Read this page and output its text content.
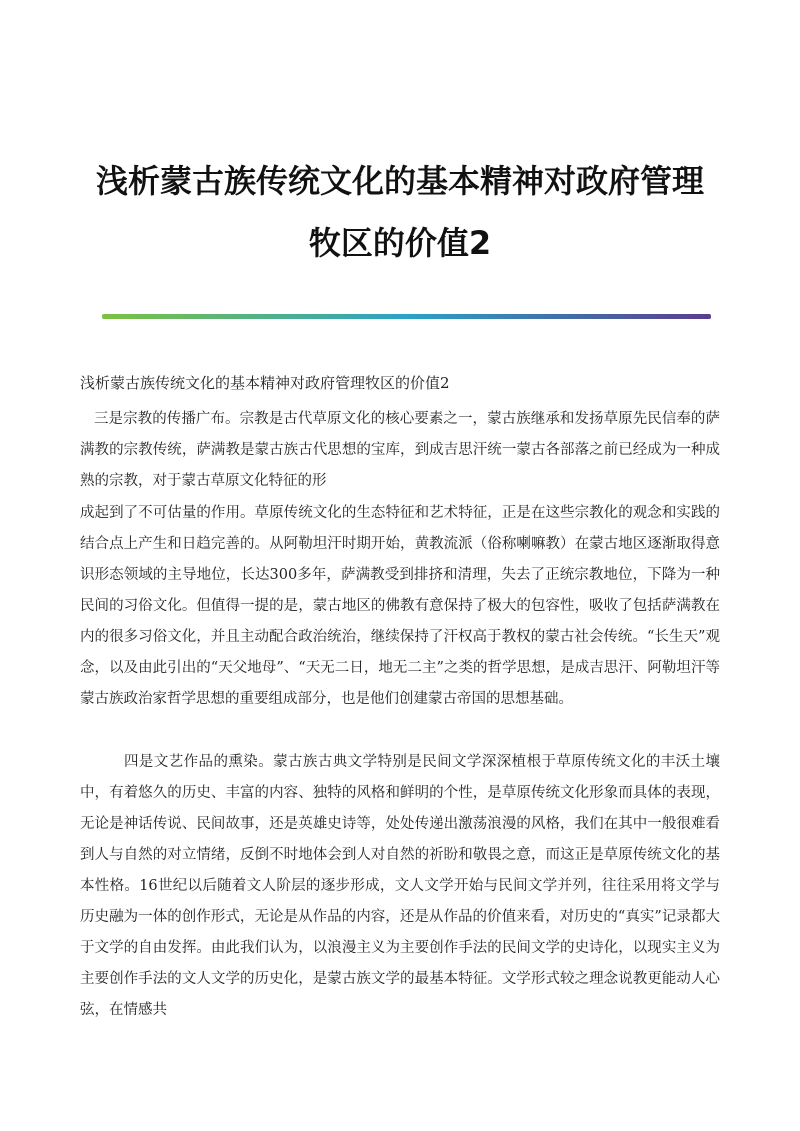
浅析蒙古族传统文化的基本精神对政府管理
牧区的价值2

浅析蒙古族传统文化的基本精神对政府管理牧区的价值2

三是宗教的传播广布。宗教是古代草原文化的核心要素之一，蒙古族继承和发扬草原先民信奉的萨满教的宗教传统，萨满教是蒙古族古代思想的宝库，到成吉思汗统一蒙古各部落之前已经成为一种成熟的宗教，对于蒙古草原文化特征的形

成起到了不可估量的作用。草原传统文化的生态特征和艺术特征，正是在这些宗教化的观念和实践的结合点上产生和日趋完善的。从阿勒坦汗时期开始，黄教流派（俗称喇嘛教）在蒙古地区逐渐取得意识形态领域的主导地位，长达300多年，萨满教受到排挤和清理，失去了正统宗教地位，下降为一种民间的习俗文化。但值得一提的是，蒙古地区的佛教有意保持了极大的包容性，吸收了包括萨满教在内的很多习俗文化，并且主动配合政治统治，继续保持了汗权高于教权的蒙古社会传统。“长生天”观念，以及由此引出的“天父地母”、“天无二日，地无二主”之类的哲学思想，是成吉思汗、阿勒坦汗等蒙古族政治家哲学思想的重要组成部分，也是他们创建蒙古帝国的思想基础。

四是文艺作品的熏染。蒙古族古典文学特别是民间文学深深植根于草原传统文化的丰沃土壤中，有着悠久的历史、丰富的内容、独特的风格和鲜明的个性，是草原传统文化形象而具体的表现，无论是神话传说、民间故事，还是英雄史诗等，处处传递出激荡浪漫的风格，我们在其中一般很难看到人与自然的对立情绪，反倒不时地体会到人对自然的祈盼和敬畏之意，而这正是草原传统文化的基本性格。16世纪以后随着文人阶层的逐步形成，文人文学开始与民间文学并列，往往采用将文学与历史融为一体的创作形式，无论是从作品的内容，还是从作品的价值来看，对历史的“真实”记录都大于文学的自由发挥。由此我们认为，以浪漫主义为主要创作手法的民间文学的史诗化，以现实主义为主要创作手法的文人文学的历史化，是蒙古族文学的最基本特征。文学形式较之理念说教更能动人心弦，在情感共
